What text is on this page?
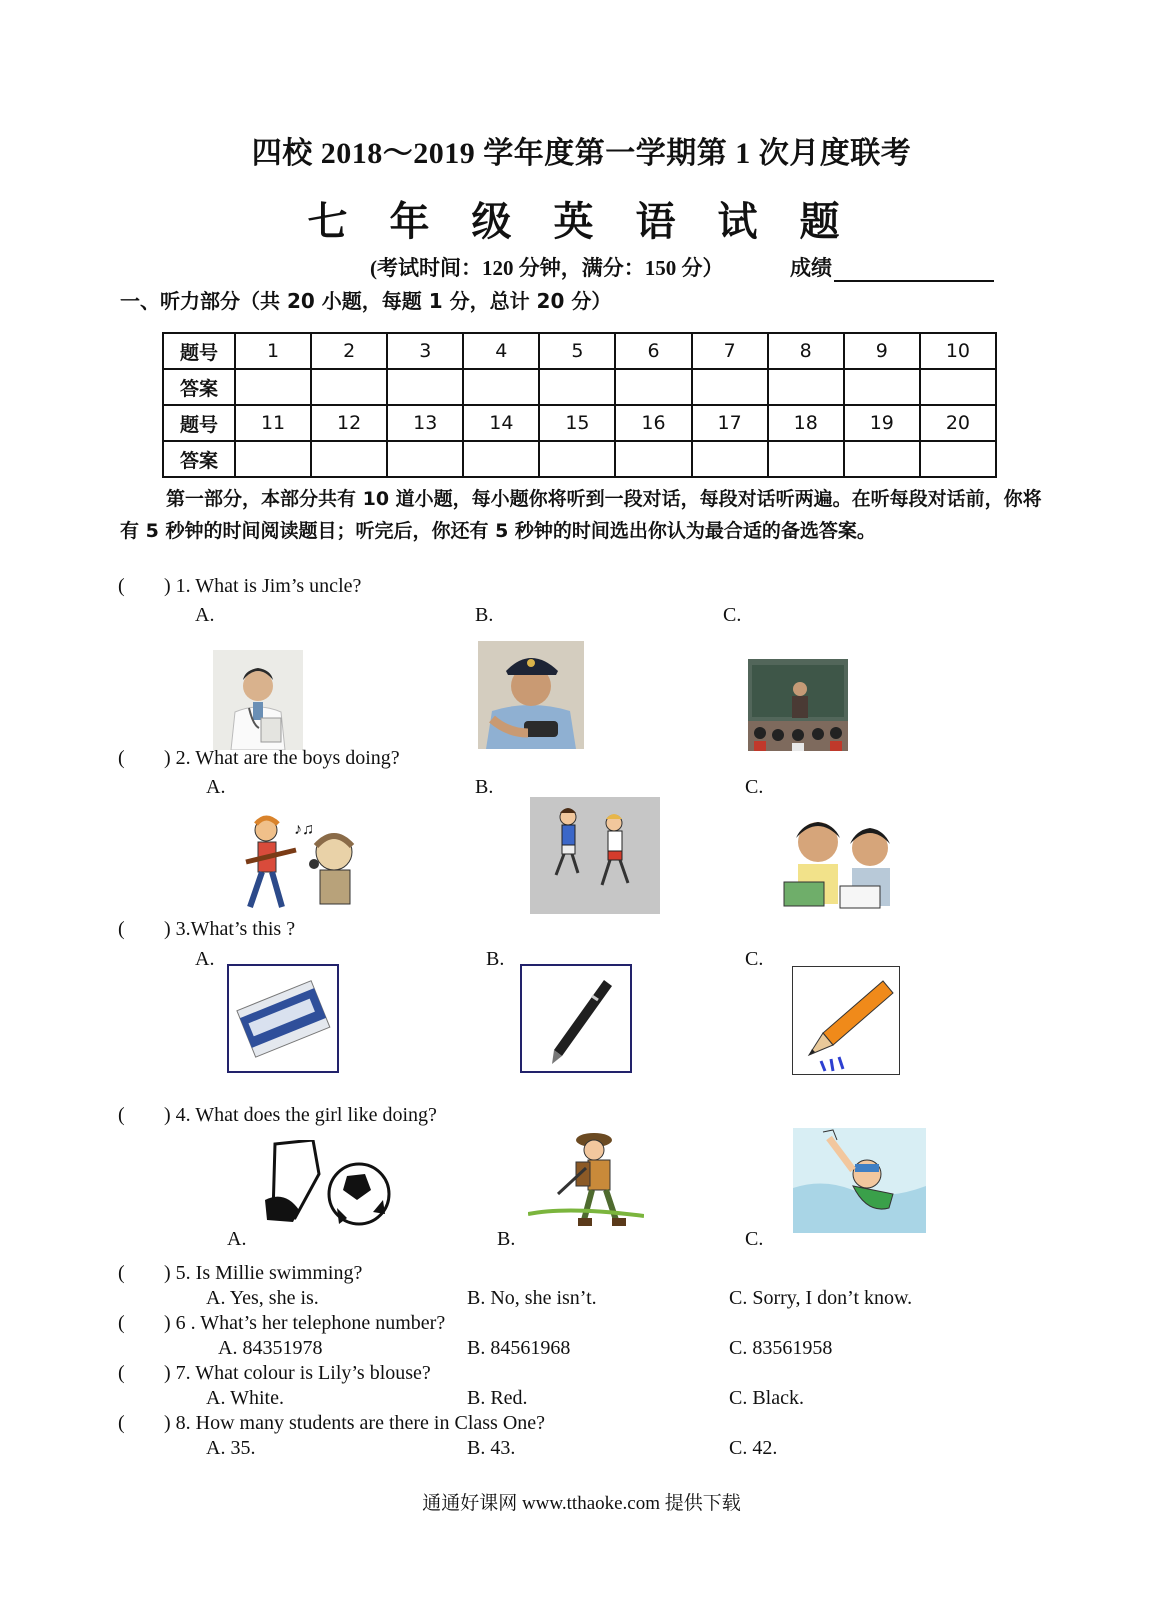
四校 2018～2019 学年度第一学期第 1 次月度联考
七 年 级 英 语 试 题
(考试时间：120 分钟，满分：150 分）	成绩
一、听力部分（共 20 小题，每题 1 分，总计 20 分）
题号	1	2	3	4	5	6	7	8	9	10
答案										
题号	11	12	13	14	15	16	17	18	19	20
答案										
第一部分，本部分共有 10 道小题，每小题你将听到一段对话，每段对话听两遍。在听每段对话前，你将有 5 秒钟的时间阅读题目；听完后，你还有 5 秒钟的时间选出你认为最合适的备选答案。
( ) 1. What is Jim’s uncle?
A.	B.	C.
( ) 2. What are the boys doing?
A.	B.	C.
♪♫
( ) 3.What’s this ?
A.	B.	C.
( ) 4. What does the girl like doing?
A.	B.	C.
( ) 5. Is Millie swimming?
A. Yes, she is.	B. No, she isn’t.	C. Sorry, I don’t know.
( ) 6 . What’s her telephone number?
A. 84351978	B. 84561968	C. 83561958
( ) 7. What colour is Lily’s blouse?
A. White.	B. Red.	C. Black.
( ) 8. How many students are there in Class One?
A. 35.	B. 43.	C. 42.
通通好课网 www.tthaoke.com 提供下载
